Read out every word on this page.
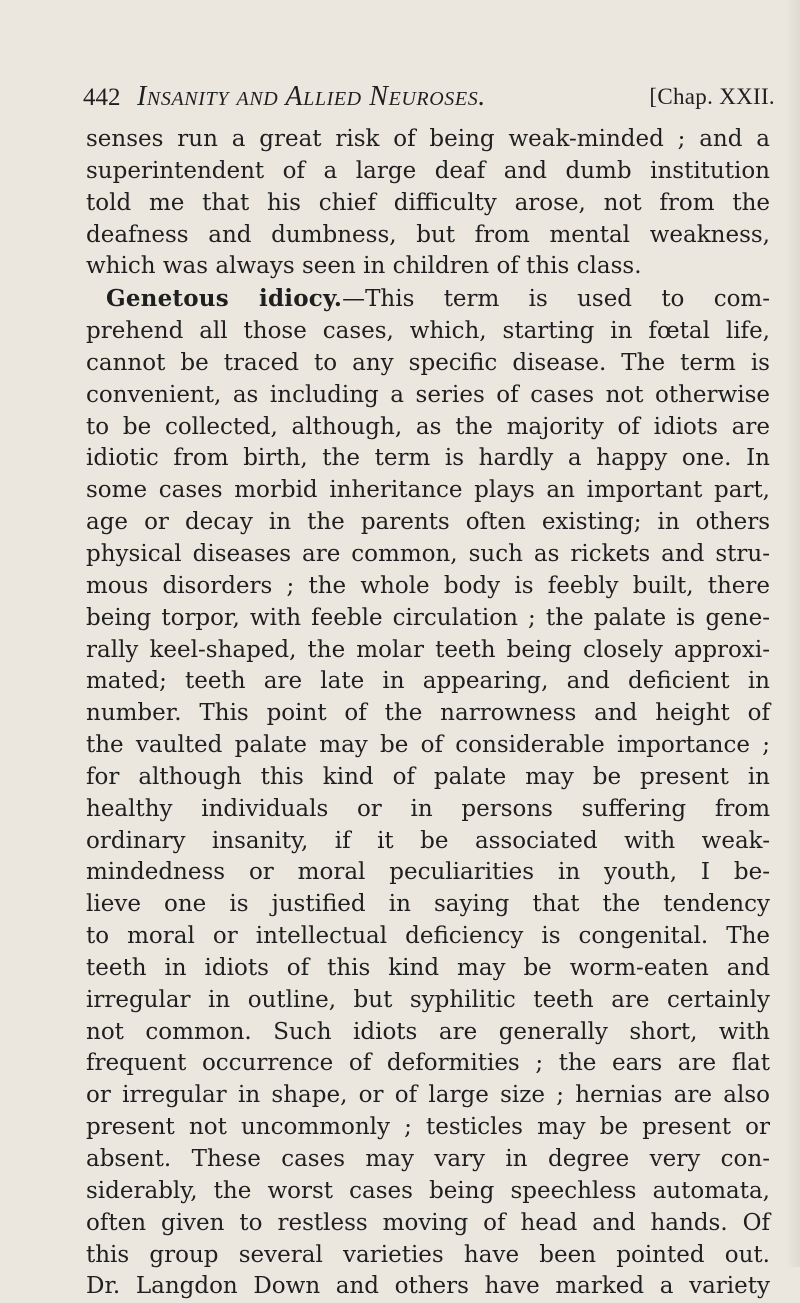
442 Insanity and Allied Neuroses.	[Chap. XXII.
senses run a great risk of being weak-minded ; and a
superintendent of a large deaf and dumb institution
told me that his chief difficulty arose, not from the
deafness and dumbness, but from mental weakness,
which was always seen in children of this class.
Genetous idiocy.—This term is used to com-
prehend all those cases, which, starting in fœtal life,
cannot be traced to any specific disease. The term is
convenient, as including a series of cases not otherwise
to be collected, although, as the majority of idiots are
idiotic from birth, the term is hardly a happy one. In
some cases morbid inheritance plays an important part,
age or decay in the parents often existing; in others
physical diseases are common, such as rickets and stru-
mous disorders ; the whole body is feebly built, there
being torpor, with feeble circulation ; the palate is gene-
rally keel-shaped, the molar teeth being closely approxi-
mated; teeth are late in appearing, and deficient in
number. This point of the narrowness and height of
the vaulted palate may be of considerable importance ;
for although this kind of palate may be present in
healthy individuals or in persons suffering from
ordinary insanity, if it be associated with weak-
mindedness or moral peculiarities in youth, I be-
lieve one is justified in saying that the tendency
to moral or intellectual deficiency is congenital. The
teeth in idiots of this kind may be worm-eaten and
irregular in outline, but syphilitic teeth are certainly
not common. Such idiots are generally short, with
frequent occurrence of deformities ; the ears are flat
or irregular in shape, or of large size ; hernias are also
present not uncommonly ; testicles may be present or
absent. These cases may vary in degree very con-
siderably, the worst cases being speechless automata,
often given to restless moving of head and hands. Of
this group several varieties have been pointed out.
Dr. Langdon Down and others have marked a variety
